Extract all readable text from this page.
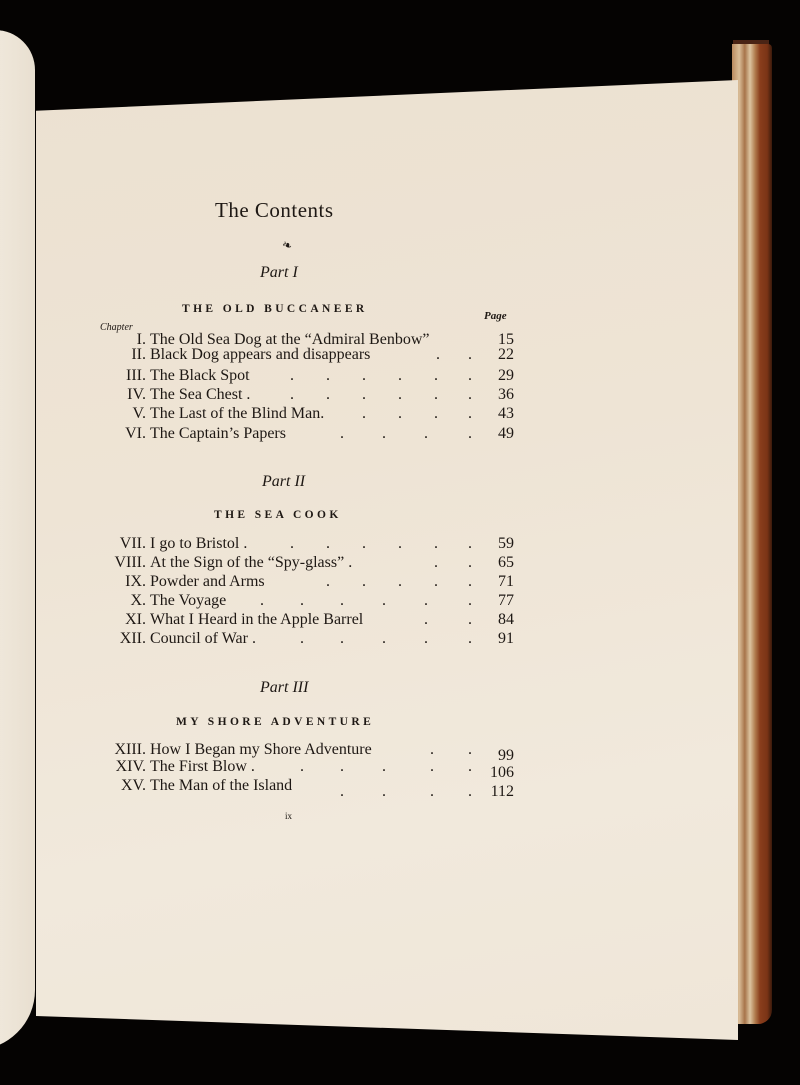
The Contents
❧
Part I
THE OLD BUCCANEER
Page
Chapter
I. The Old Sea Dog at the “Admiral Benbow”	15
II. Black Dog appears and disappears	. . 22
III. The Black Spot	. . . . . . 29
IV. The Sea Chest . . . . . . . 36
V. The Last of the Blind Man. . . . . 43
VI. The Captain’s Papers	. . .	. 49
Part II
THE SEA COOK
VII. I go to Bristol .	. . . . . . 59
VIII. At the Sign of the “Spy-glass” .	. . 65
IX. Powder and Arms	. . . . . 71
X. The Voyage . . . . .	. 77
XI. What I Heard in the Apple Barrel	.	. 84
XII. Council of War .	. . . .	. 91
Part III
MY SHORE ADVENTURE
XIII. How I Began my Shore Adventure	. . 99
XIV. The First Blow .	. . .	. . 106
XV. The Man of the Island	. .	. . 112
ix
